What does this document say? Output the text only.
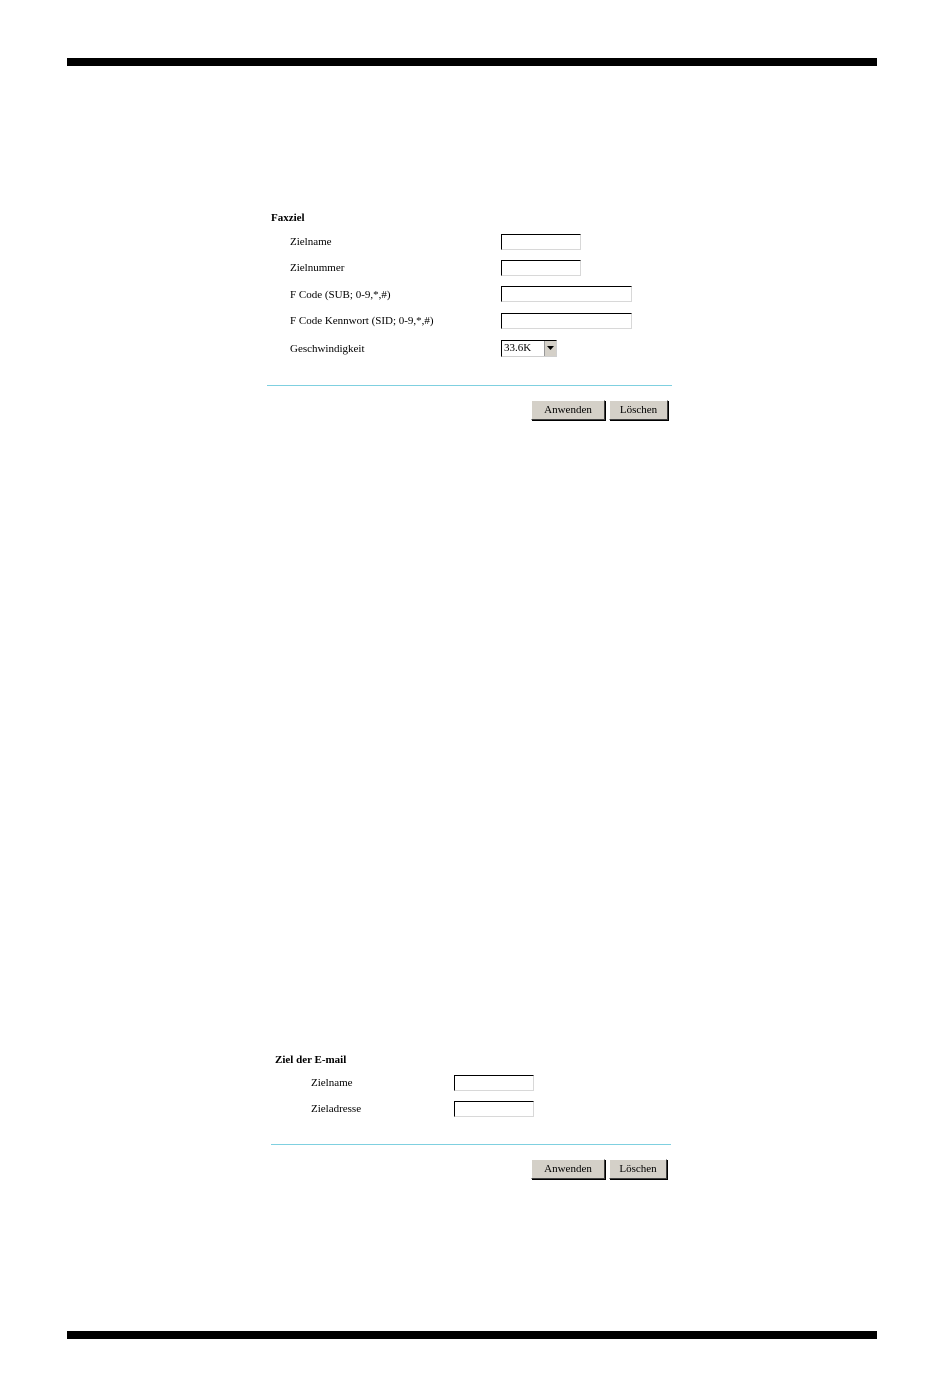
Faxziel
Zielname
Zielnummer
F Code (SUB; 0-9,*,#)
F Code Kennwort (SID; 0-9,*,#)
Geschwindigkeit	33.6K
Anwenden	Löschen
Ziel der E-mail
Zielname
Zieladresse
Anwenden	Löschen
